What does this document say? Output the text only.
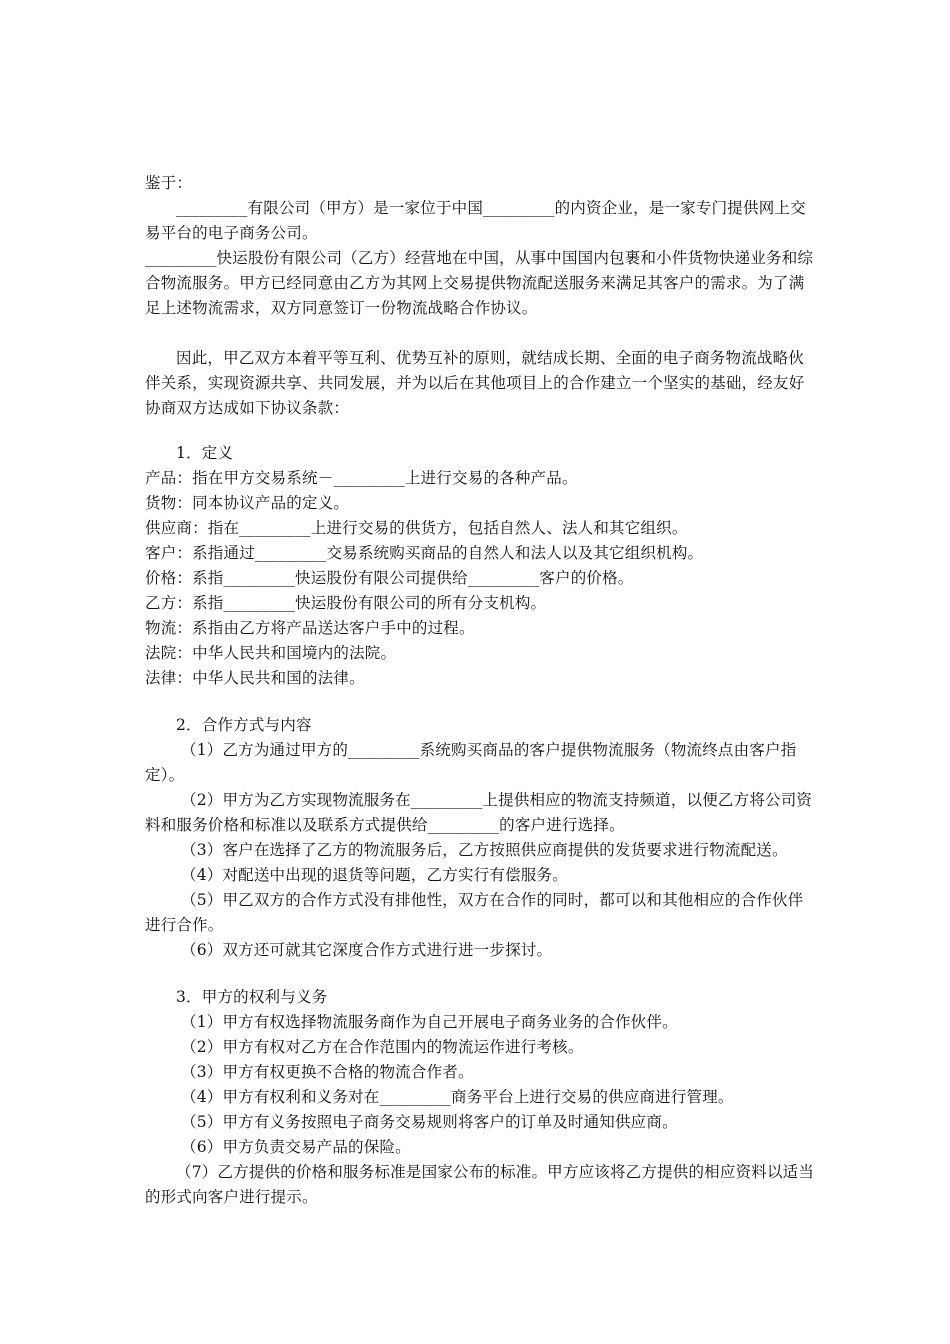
鉴于：

_________有限公司（甲方）是一家位于中国_________的内资企业，是一家专门提供网上交易平台的电子商务公司。

_________快运股份有限公司（乙方）经营地在中国，从事中国国内包裹和小件货物快递业务和综合物流服务。甲方已经同意由乙方为其网上交易提供物流配送服务来满足其客户的需求。为了满足上述物流需求，双方同意签订一份物流战略合作协议。

因此，甲乙双方本着平等互利、优势互补的原则，就结成长期、全面的电子商务物流战略伙伴关系，实现资源共享、共同发展，并为以后在其他项目上的合作建立一个坚实的基础，经友好协商双方达成如下协议条款：

1．定义

产品：指在甲方交易系统－_________上进行交易的各种产品。

货物：同本协议产品的定义。

供应商：指在_________上进行交易的供货方，包括自然人、法人和其它组织。

客户：系指通过_________交易系统购买商品的自然人和法人以及其它组织机构。

价格：系指_________快运股份有限公司提供给_________客户的价格。

乙方：系指_________快运股份有限公司的所有分支机构。

物流：系指由乙方将产品送达客户手中的过程。

法院：中华人民共和国境内的法院。

法律：中华人民共和国的法律。

2．合作方式与内容

（1）乙方为通过甲方的_________系统购买商品的客户提供物流服务（物流终点由客户指定）。

（2）甲方为乙方实现物流服务在_________上提供相应的物流支持频道，以便乙方将公司资料和服务价格和标准以及联系方式提供给_________的客户进行选择。

（3）客户在选择了乙方的物流服务后，乙方按照供应商提供的发货要求进行物流配送。

（4）对配送中出现的退货等问题，乙方实行有偿服务。

（5）甲乙双方的合作方式没有排他性，双方在合作的同时，都可以和其他相应的合作伙伴进行合作。

（6）双方还可就其它深度合作方式进行进一步探讨。

3．甲方的权利与义务

（1）甲方有权选择物流服务商作为自己开展电子商务业务的合作伙伴。

（2）甲方有权对乙方在合作范围内的物流运作进行考核。

（3）甲方有权更换不合格的物流合作者。

（4）甲方有权利和义务对在_________商务平台上进行交易的供应商进行管理。

（5）甲方有义务按照电子商务交易规则将客户的订单及时通知供应商。

（6）甲方负责交易产品的保险。

（7）乙方提供的价格和服务标准是国家公布的标准。甲方应该将乙方提供的相应资料以适当的形式向客户进行提示。
